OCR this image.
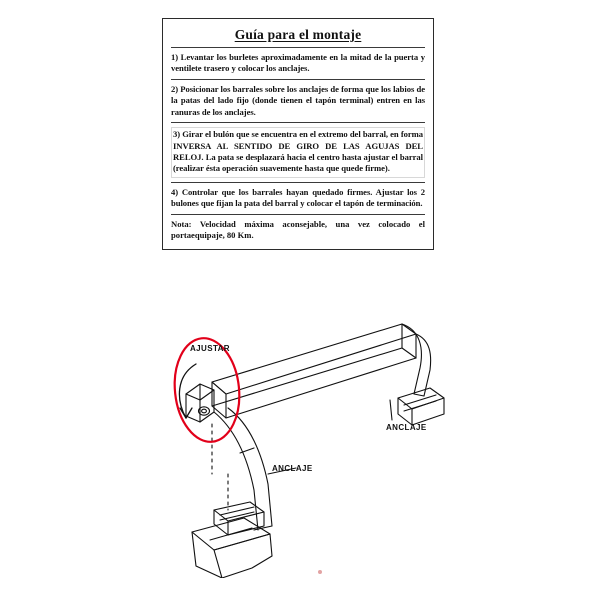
Guía para el montaje

1) Levantar los burletes aproximadamente en la mitad de la puerta y ventilete trasero y colocar los anclajes.

2) Posicionar los barrales sobre los anclajes de forma que los labios de la patas del lado fijo (donde tienen el tapón terminal) entren en las ranuras de los anclajes.

3) Girar el bulón que se encuentra en el extremo del barral, en forma INVERSA AL SENTIDO DE GIRO DE LAS AGUJAS DEL RELOJ. La pata se desplazará hacia el centro hasta ajustar el barral (realizar ésta operación suavemente hasta que quede firme).

4) Controlar que los barrales hayan quedado firmes. Ajustar los 2 bulones que fijan la pata del barral y colocar el tapón de terminación.

Nota: Velocidad máxima aconsejable, una vez colocado el portaequipaje, 80 Km.

AJUSTAR
ANCLAJE
ANCLAJE
